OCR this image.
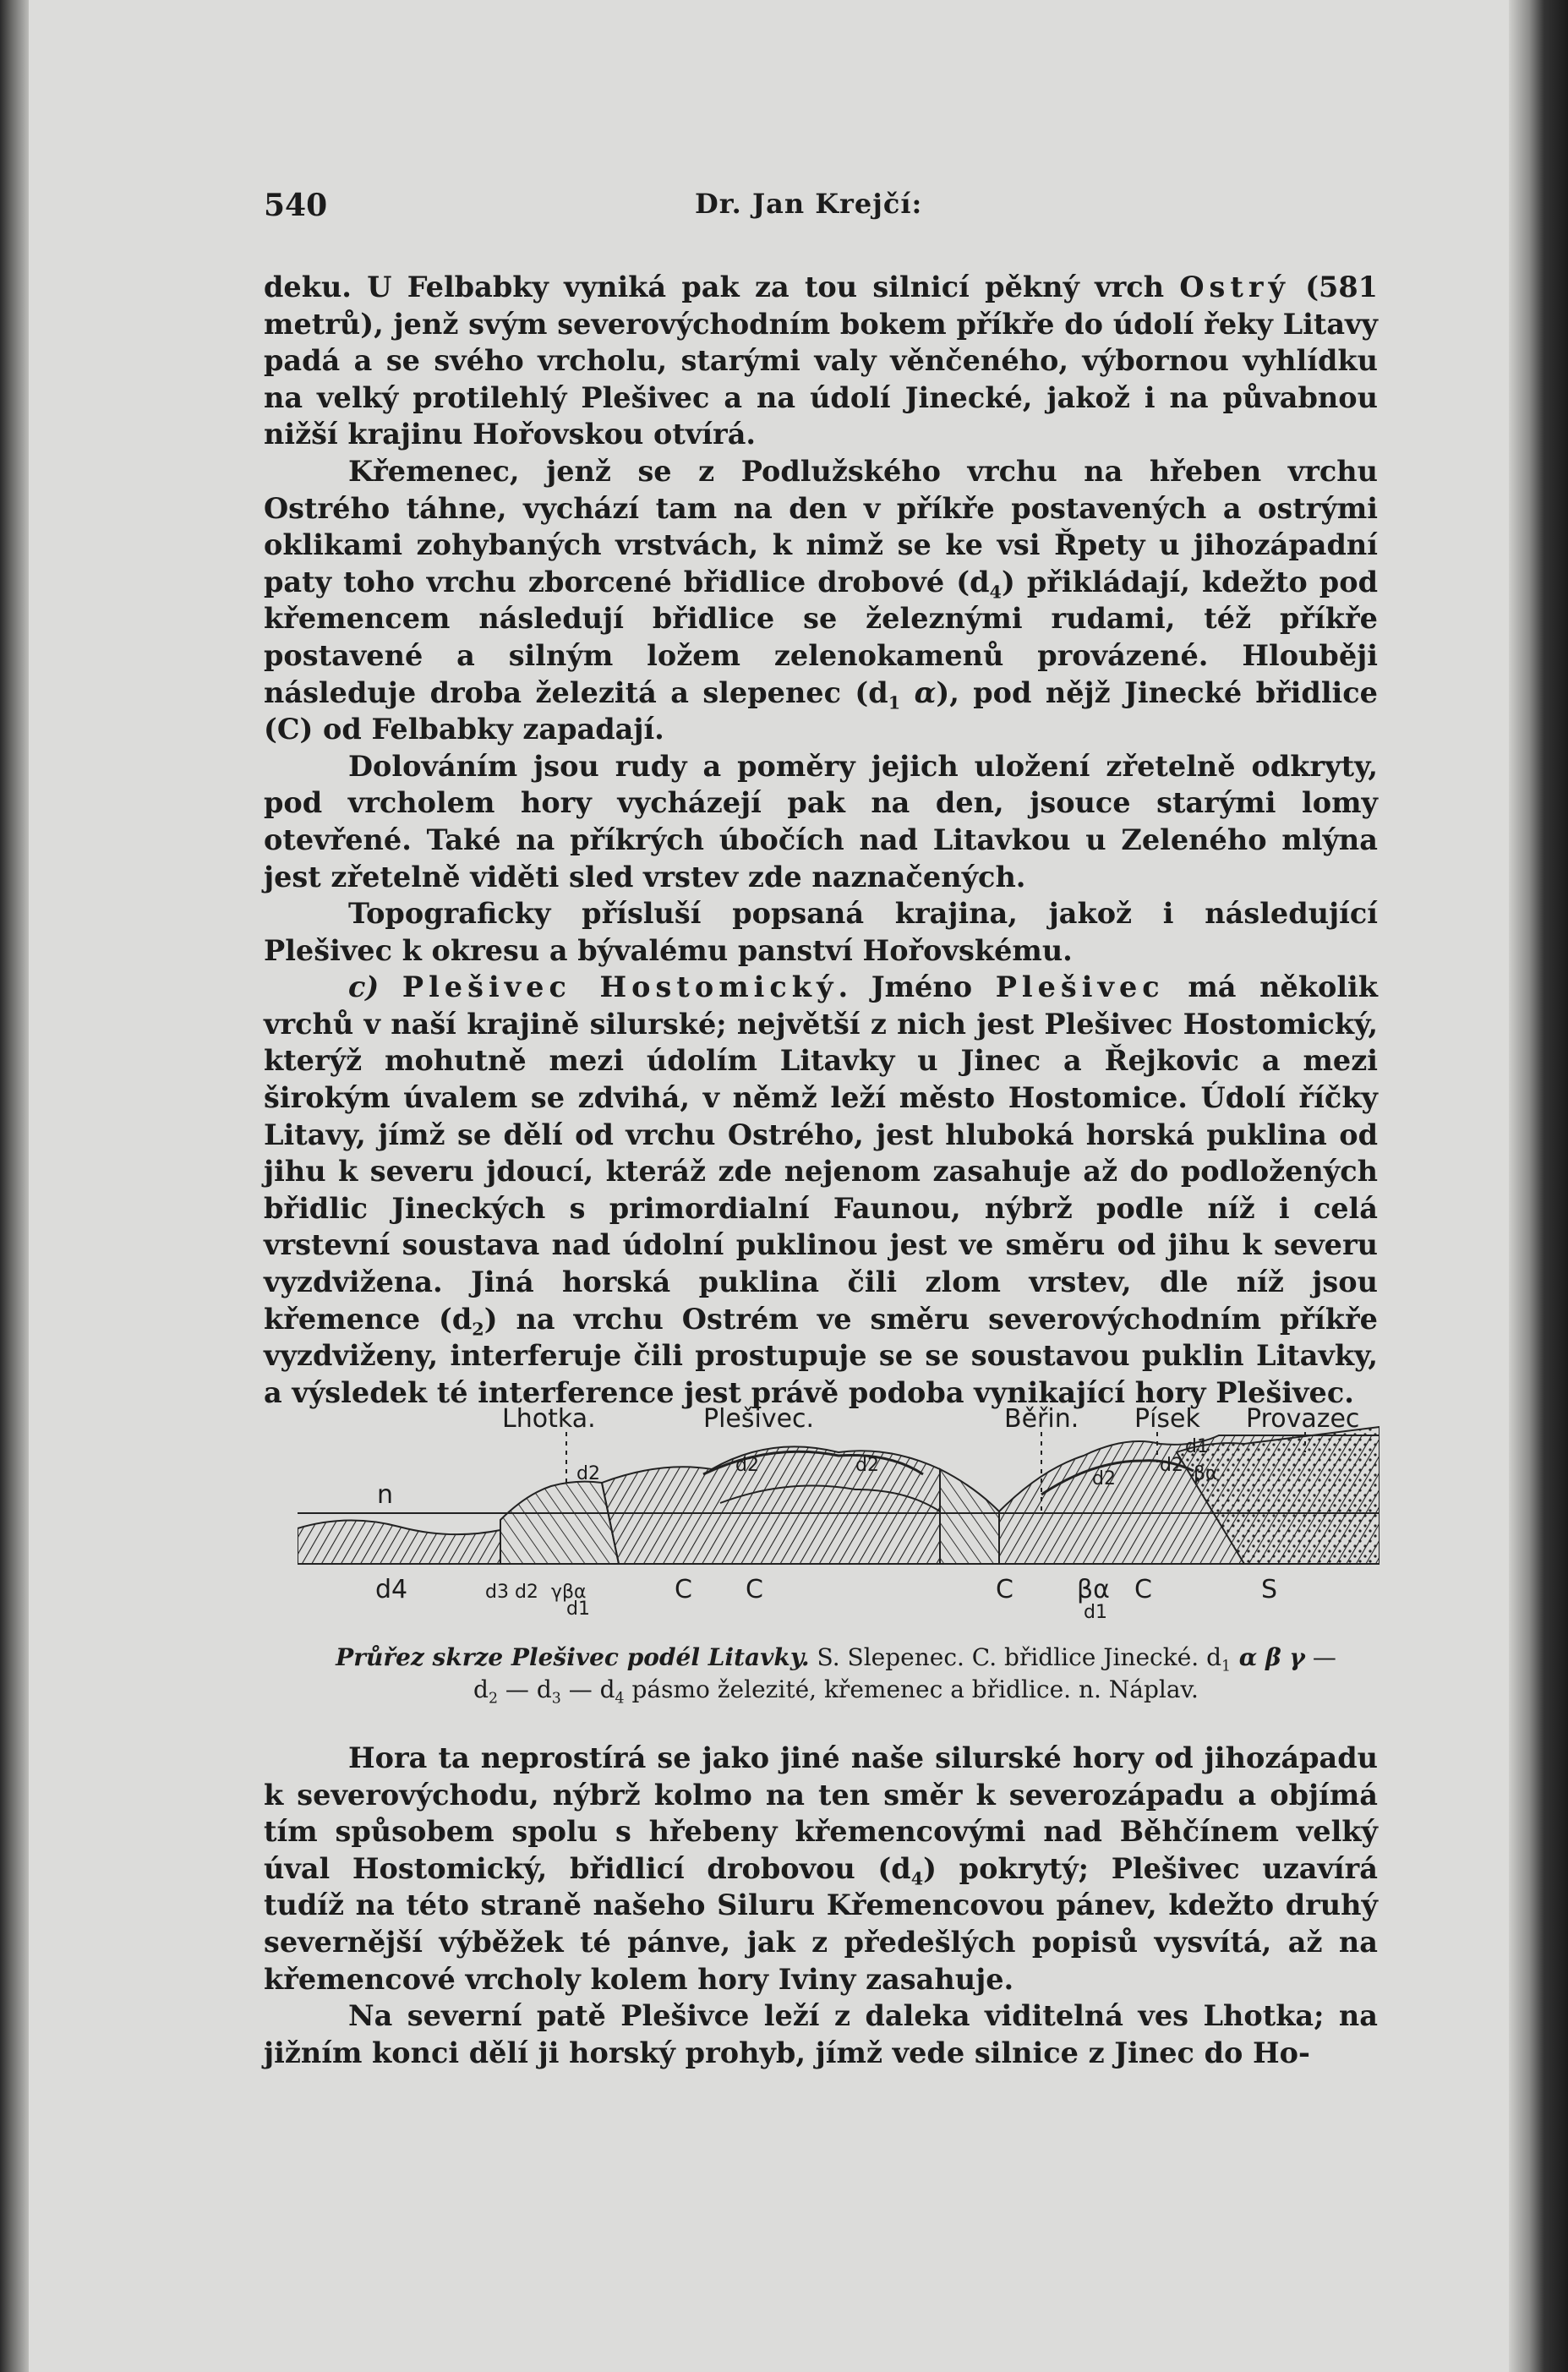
540	Dr. Jan Krejčí:

deku. U Felbabky vyniká pak za tou silnicí pěkný vrch Ostrý (581 metrů), jenž svým severovýchodním bokem příkře do údolí řeky Litavy padá a se svého vrcholu, starými valy věnčeného, výbornou vyhlídku na velký protilehlý Plešivec a na údolí Jinecké, jakož i na půvabnou nižší krajinu Hořovskou otvírá.

Křemenec, jenž se z Podlužského vrchu na hřeben vrchu Ostrého táhne, vychází tam na den v příkře postavených a ostrými oklikami zohybaných vrstvách, k nimž se ke vsi Řpety u jihozápadní paty toho vrchu zborcené břidlice drobové $(d_4)$ přikládají, kdežto pod křemencem následují břidlice se železnými rudami, též příkře postavené a silným ložem zelenokamenů provázené. Hlouběji následuje droba železitá a slepenec ($d_1$ α), pod nějž Jinecké břidlice (C) od Felbabky zapadají.

Dolováním jsou rudy a poměry jejich uložení zřetelně odkryty, pod vrcholem hory vycházejí pak na den, jsouce starými lomy otevřené. Také na příkrých úbočích nad Litavkou u Zeleného mlýna jest zřetelně viděti sled vrstev zde naznačených.

Topograficky přísluší popsaná krajina, jakož i následující Plešivec k okresu a bývalému panství Hořovskému.

c) Plešivec Hostomický. Jméno Plešivec má několik vrchů v naší krajině silurské; největší z nich jest Plešivec Hostomický, kterýž mohutně mezi údolím Litavky u Jinec a Řejkovic a mezi širokým úvalem se zdvihá, v němž leží město Hostomice. Údolí říčky Litavy, jímž se dělí od vrchu Ostrého, jest hluboká horská puklina od jihu k severu jdoucí, kteráž zde nejenom zasahuje až do podložených břidlic Jineckých s primordialní Faunou, nýbrž podle níž i celá vrstevní soustava nad údolní puklinou jest ve směru od jihu k severu vyzdvižena. Jiná horská puklina čili zlom vrstev, dle níž jsou křemence $(d_2)$ na vrchu Ostrém ve směru severovýchodním příkře vyzdviženy, interferuje čili prostupuje se se soustavou puklin Litavky, a výsledek té interference jest právě podoba vynikající hory Plešivec.

Lhotka.	Plešivec.	Běřin. Písek Provazec
n
d2	d2	d2
d2
d1
d2 βα
d4	d3 d2 γβα
d1
C C	C	βα
d1
C	S
Průřez skrze Plešivec podél Litavky. S. Slepenec. C. břidlice Jinecké. $d_1$ α β γ —
$d_2$ — $d_3$ — $d_4$ pásmo železité, křemenec a břidlice. n. Náplav.

Hora ta neprostírá se jako jiné naše silurské hory od jihozápadu k severovýchodu, nýbrž kolmo na ten směr k severozápadu a objímá tím spůsobem spolu s hřebeny křemencovými nad Běhčínem velký úval Hostomický, břidlicí drobovou $(d_4)$ pokrytý; Plešivec uzavírá tudíž na této straně našeho Siluru Křemencovou pánev, kdežto druhý severnější výběžek té pánve, jak z předešlých popisů vysvítá, až na křemencové vrcholy kolem hory Iviny zasahuje.

Na severní patě Plešivce leží z daleka viditelná ves Lhotka; na jižním konci dělí ji horský prohyb, jímž vede silnice z Jinec do Ho-
